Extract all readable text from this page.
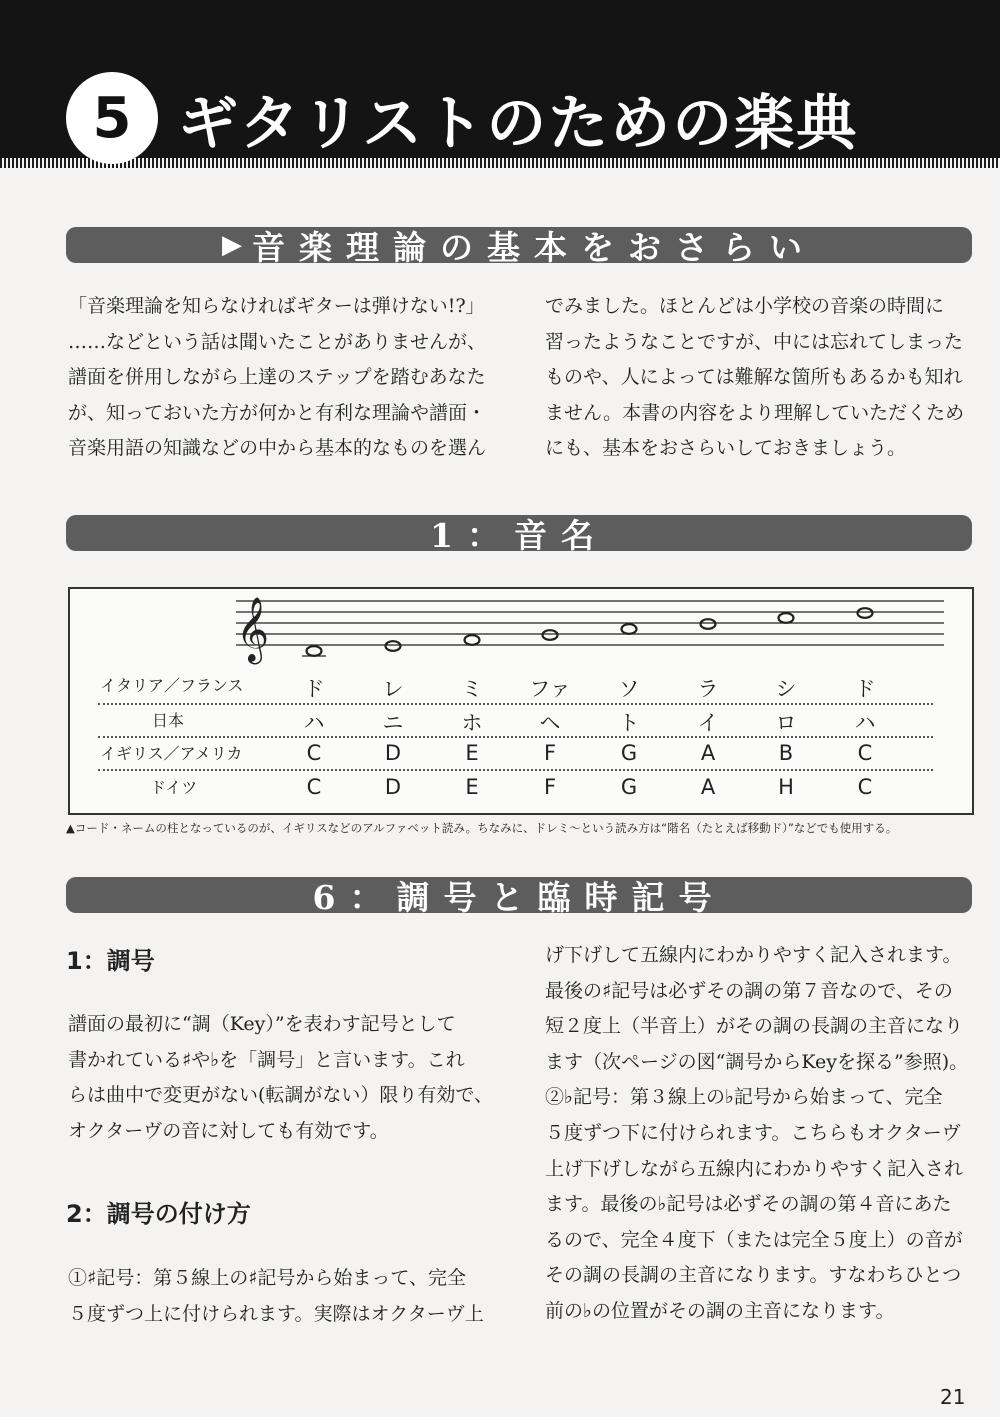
5 ギタリストのための楽典
▶ 音楽理論の基本をおさらい
「音楽理論を知らなければギターは弾けない!?」
……などという話は聞いたことがありませんが、
譜面を併用しながら上達のステップを踏むあなた
が、知っておいた方が何かと有利な理論や譜面・
音楽用語の知識などの中から基本的なものを選ん
でみました。ほとんどは小学校の音楽の時間に
習ったようなことですが、中には忘れてしまった
ものや、人によっては難解な箇所もあるかも知れ
ません。本書の内容をより理解していただくため
にも、基本をおさらいしておきましょう。
1：音名
𝄞
イタリア／フランス	ド	レ	ミ	ファ	ソ	ラ	シ	ド
日本	ハ	ニ	ホ	ヘ	ト	イ	ロ	ハ
イギリス／アメリカ	C	D	E	F	G	A	B	C
ドイツ	C	D	E	F	G	A	H	C
▲コード・ネームの柱となっているのが、イギリスなどのアルファベット読み。ちなみに、ドレミ〜という読み方は“階名（たとえば移動ド）”などでも使用する。
6：調号と臨時記号
1：調号
譜面の最初に“調（Key）”を表わす記号として
書かれている♯や♭を「調号」と言います。これ
らは曲中で変更がない(転調がない）限り有効で、
オクターヴの音に対しても有効です。
2：調号の付け方
①♯記号：第５線上の♯記号から始まって、完全
５度ずつ上に付けられます。実際はオクターヴ上
げ下げして五線内にわかりやすく記入されます。
最後の♯記号は必ずその調の第７音なので、その
短２度上（半音上）がその調の長調の主音になり
ます（次ページの図“調号からKeyを探る”参照)。
②♭記号：第３線上の♭記号から始まって、完全
５度ずつ下に付けられます。こちらもオクターヴ
上げ下げしながら五線内にわかりやすく記入され
ます。最後の♭記号は必ずその調の第４音にあた
るので、完全４度下（または完全５度上）の音が
その調の長調の主音になります。すなわちひとつ
前の♭の位置がその調の主音になります。
21
